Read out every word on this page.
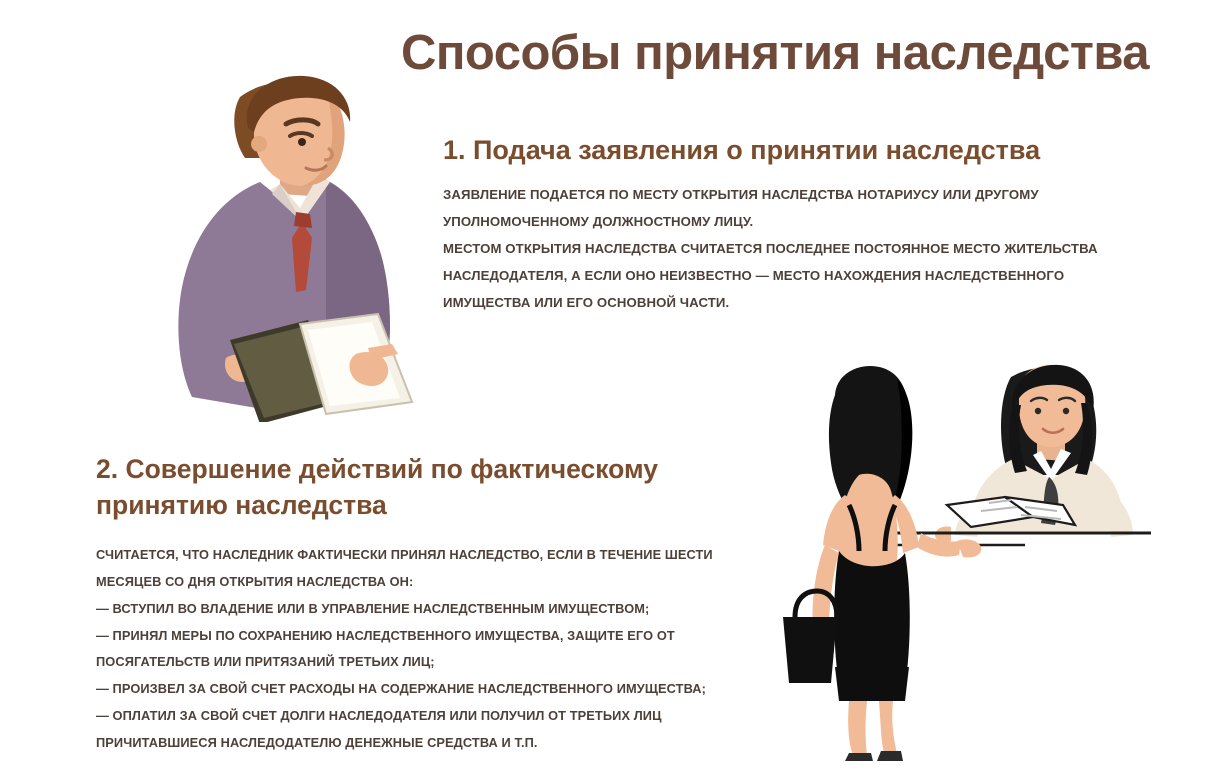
Способы принятия наследства
1. Подача заявления о принятии наследства

ЗАЯВЛЕНИЕ ПОДАЕТСЯ ПО МЕСТУ ОТКРЫТИЯ НАСЛЕДСТВА НОТАРИУСУ ИЛИ ДРУГОМУ

УПОЛНОМОЧЕННОМУ ДОЛЖНОСТНОМУ ЛИЦУ.

МЕСТОМ ОТКРЫТИЯ НАСЛЕДСТВА СЧИТАЕТСЯ ПОСЛЕДНЕЕ ПОСТОЯННОЕ МЕСТО ЖИТЕЛЬСТВА

НАСЛЕДОДАТЕЛЯ, А ЕСЛИ ОНО НЕИЗВЕСТНО — МЕСТО НАХОЖДЕНИЯ НАСЛЕДСТВЕННОГО

ИМУЩЕСТВА ИЛИ ЕГО ОСНОВНОЙ ЧАСТИ.

2. Совершение действий по фактическому принятию наследства

СЧИТАЕТСЯ, ЧТО НАСЛЕДНИК ФАКТИЧЕСКИ ПРИНЯЛ НАСЛЕДСТВО, ЕСЛИ В ТЕЧЕНИЕ ШЕСТИ

МЕСЯЦЕВ СО ДНЯ ОТКРЫТИЯ НАСЛЕДСТВА ОН:

— ВСТУПИЛ ВО ВЛАДЕНИЕ ИЛИ В УПРАВЛЕНИЕ НАСЛЕДСТВЕННЫМ ИМУЩЕСТВОМ;

— ПРИНЯЛ МЕРЫ ПО СОХРАНЕНИЮ НАСЛЕДСТВЕННОГО ИМУЩЕСТВА, ЗАЩИТЕ ЕГО ОТ

ПОСЯГАТЕЛЬСТВ ИЛИ ПРИТЯЗАНИЙ ТРЕТЬИХ ЛИЦ;

— ПРОИЗВЕЛ ЗА СВОЙ СЧЕТ РАСХОДЫ НА СОДЕРЖАНИЕ НАСЛЕДСТВЕННОГО ИМУЩЕСТВА;

— ОПЛАТИЛ ЗА СВОЙ СЧЕТ ДОЛГИ НАСЛЕДОДАТЕЛЯ ИЛИ ПОЛУЧИЛ ОТ ТРЕТЬИХ ЛИЦ

ПРИЧИТАВШИЕСЯ НАСЛЕДОДАТЕЛЮ ДЕНЕЖНЫЕ СРЕДСТВА И Т.П.
